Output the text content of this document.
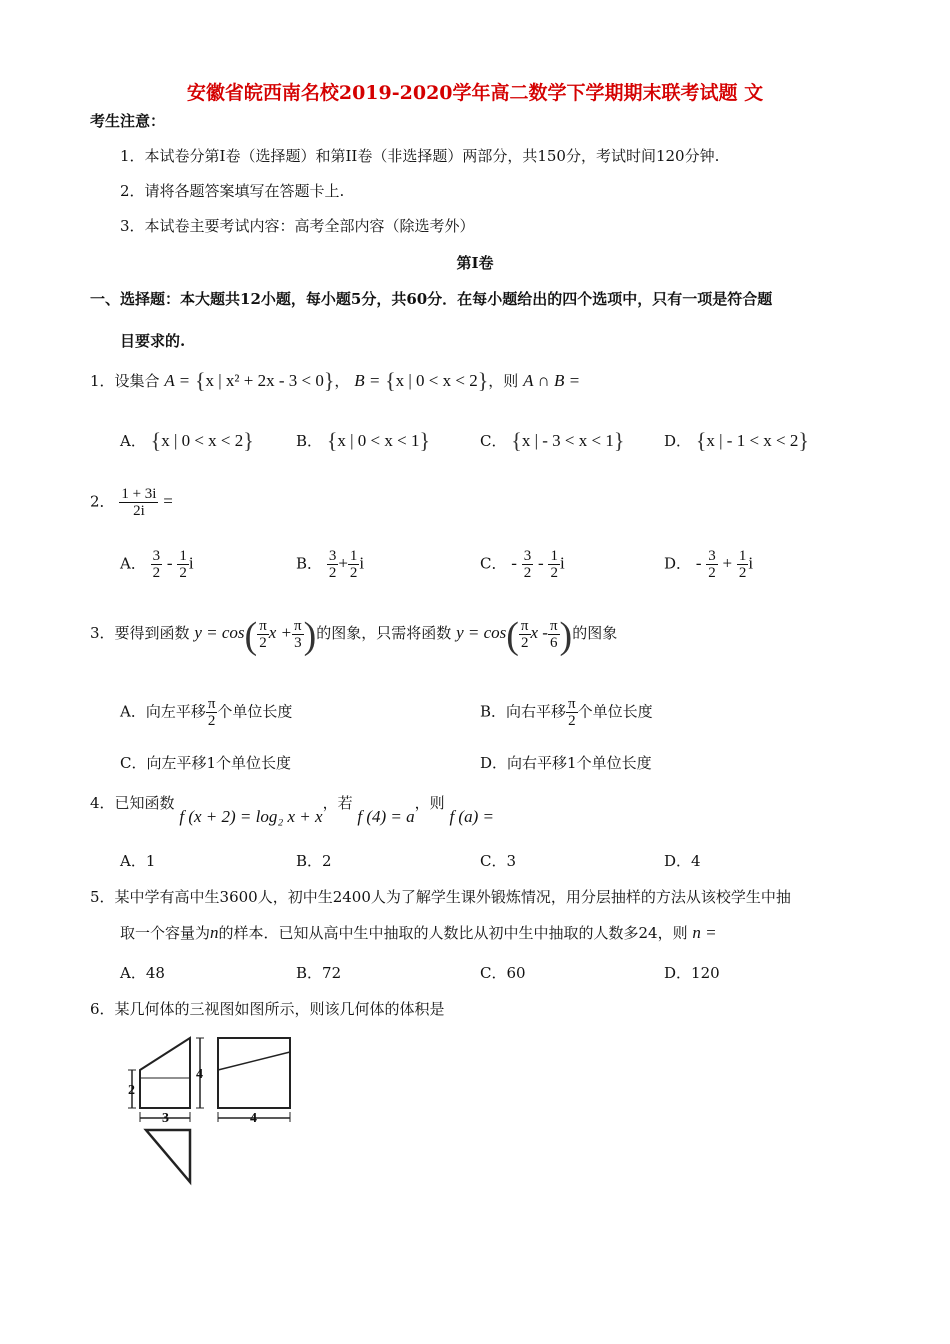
安徽省皖西南名校2019-2020学年高二数学下学期期末联考试题 文
考生注意：
1．本试卷分第Ⅰ卷（选择题）和第II卷（非选择题）两部分，共150分，考试时间120分钟.
2．请将各题答案填写在答题卡上.
3．本试卷主要考试内容：高考全部内容（除选考外）
第Ⅰ卷
一、选择题：本大题共12小题，每小题5分，共60分．在每小题给出的四个选项中，只有一项是符合题
目要求的.
1．设集合 A = {x | x² + 2x - 3 < 0}， B = {x | 0 < x < 2}，则 A ∩ B =
A． {x | 0 < x < 2}	B． {x | 0 < x < 1}	C． {x | - 3 < x < 1}	D． {x | - 1 < x < 2}
2． $\frac{1 + 3i}{2i}$ =
A． $\frac{3}{2} - \frac{1}{2}$ i	B． $\frac{3}{2} + \frac{1}{2}$ i	C． - $\frac{3}{2} - \frac{1}{2}$ i	D． - $\frac{3}{2} + \frac{1}{2}$ i
3．要得到函数 $y = \cos( \frac{\pi}{2}$ $x + \frac{\pi}{3}$ )的图象，只需将函数 $y = \cos( \frac{\pi}{2}$ x - $\frac{\pi}{6}$ )的图象
A．向左平移 $\frac{\pi}{2}$ 个单位长度	B．向右平移 $\frac{\pi}{2}$ 个单位长度
C．向左平移1个单位长度	D．向右平移1个单位长度
4．已知函数 f (x + 2) = log₂ x + x，若 f (4) = a，则 f (a) =
A．1	B．2	C．3	D．4
5．某中学有高中生3600人，初中生2400人为了解学生课外锻炼情况，用分层抽样的方法从该校学生中抽
取一个容量为n的样本．已知从高中生中抽取的人数比从初中生中抽取的人数多24，则 n =
A．48	B．72	C．60	D．120
6．某几何体的三视图如图所示，则该几何体的体积是
2
4
3	4
